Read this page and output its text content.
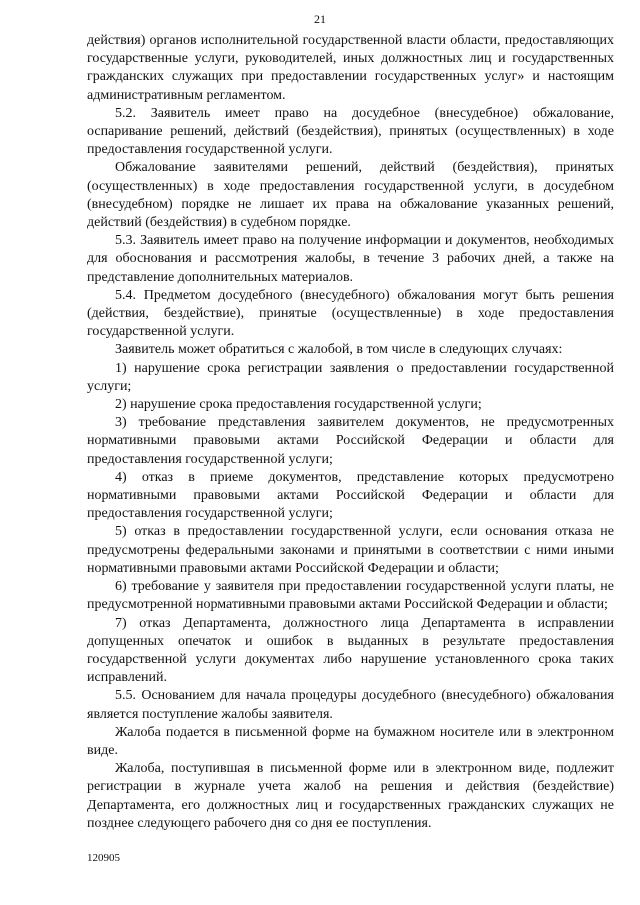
21

действия) органов исполнительной государственной власти области, предоставляющих государственные услуги, руководителей, иных должностных лиц и государственных гражданских служащих при предоставлении государственных услуг» и настоящим административным регламентом.

5.2. Заявитель имеет право на досудебное (внесудебное) обжалование, оспаривание решений, действий (бездействия), принятых (осуществленных) в ходе предоставления государственной услуги.

Обжалование заявителями решений, действий (бездействия), принятых (осуществленных) в ходе предоставления государственной услуги, в досудебном (внесудебном) порядке не лишает их права на обжалование указанных решений, действий (бездействия) в судебном порядке.

5.3. Заявитель имеет право на получение информации и документов, необходимых для обоснования и рассмотрения жалобы, в течение 3 рабочих дней, а также на представление дополнительных материалов.

5.4. Предметом досудебного (внесудебного) обжалования могут быть решения (действия, бездействие), принятые (осуществленные) в ходе предоставления государственной услуги.

Заявитель может обратиться с жалобой, в том числе в следующих случаях:

1) нарушение срока регистрации заявления о предоставлении государственной услуги;

2) нарушение срока предоставления государственной услуги;

3) требование представления заявителем документов, не предусмотренных нормативными правовыми актами Российской Федерации и области для предоставления государственной услуги;

4) отказ в приеме документов, представление которых предусмотрено нормативными правовыми актами Российской Федерации и области для предоставления государственной услуги;

5) отказ в предоставлении государственной услуги, если основания отказа не предусмотрены федеральными законами и принятыми в соответствии с ними иными нормативными правовыми актами Российской Федерации и области;

6) требование у заявителя при предоставлении государственной услуги платы, не предусмотренной нормативными правовыми актами Российской Федерации и области;

7) отказ Департамента, должностного лица Департамента в исправлении допущенных опечаток и ошибок в выданных в результате предоставления государственной услуги документах либо нарушение установленного срока таких исправлений.

5.5. Основанием для начала процедуры досудебного (внесудебного) обжалования является поступление жалобы заявителя.

Жалоба подается в письменной форме на бумажном носителе или в электронном виде.

Жалоба, поступившая в письменной форме или в электронном виде, подлежит регистрации в журнале учета жалоб на решения и действия (бездействие) Департамента, его должностных лиц и государственных гражданских служащих не позднее следующего рабочего дня со дня ее поступления.

120905
